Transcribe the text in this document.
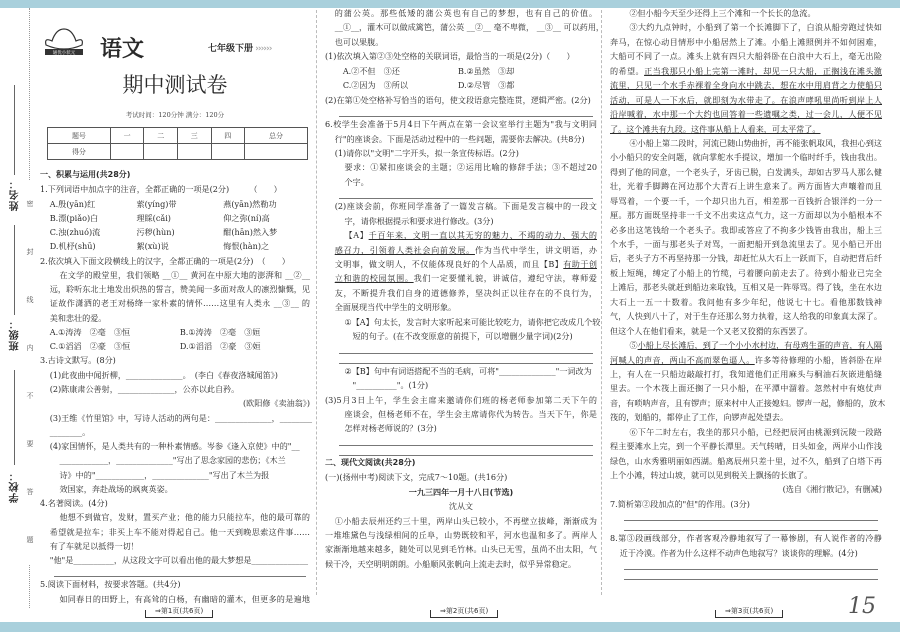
密封线内不要答题
姓名：
班级：
学校：
通优小状元 语文	七年级下册 ››››››
期中测试卷
考试时间：120分钟 满分：120分
题号	一	二	三	四	总分
得分					
一、积累与运用(共28分)
1.下列词语中加点字的注音，全都正确的一项是(2分)　　　（　　）
A.殷(yān)红	萦(yíng)带	燕(yān)然勒功
B.漂(piǎo)白	理睬(cǎi)	仰之弥(ní)高
C.浊(zhuó)流	污秽(hùn)	酣(hān)然入梦
D.机杼(shū)	絮(xù)说	悔恨(hàn)之
2.依次填入下面文段横线上的汉字，全都正确的一项是(2分)　（　　）
在文学的殿堂里，我们领略 __①__ 黄河在中原大地的澎湃和 __②__
远，聆听东北土地发出炽热的誓言，赞美闻一多面对敌人的凛烈慷慨，见
证故作潇洒的老王对杨绛一家朴素的情怀……这里有人类永 __③__ 的
美和悲壮的爱。
A.①涛涛　②毫　③恒	B.①涛涛　②毫　③姮
C.①滔滔　②豪　③恒	D.①滔滔　②豪　③姮
3.古诗文默写。(8分)
(1)此夜曲中闻折柳，______________。　(李白《春夜洛城闻笛》)
(2)陈康肃公善射，______________，公亦以此自矜。
(欧阳修《卖油翁》)
(3)王维《竹里馆》中，写诗人活动的两句是：______________，________
________。
(4)家国情怀，是人类共有的一种朴素情感。岑参《逢入京使》中的"__
____________，______________"写出了思念家园的悲伤；《木兰
诗》中的"____________，______________"写出了木兰为报
效国家，奔赴战场的飒爽英姿。
4.名著阅读。(4分)
他想不到做官，发财，置买产业；他的能力只能拉车，他的最可靠的
希望就是拉车；非买上车不能对得起自己。他一天到晚思索这件事……
有了车就足以抵得一切！
"他"是__________，从这段文字可以看出他的最大梦想是______________
5.阅读下面材料，按要求答题。(共4分)
如同春日的田野上，有高耸的白杨，有幽暗的灌木，但更多的是遍地
的蒲公英。那些低矮的蒲公英也有自己的梦想，也有自己的价值。
__①__，灌木可以做成篱笆，蒲公英 __②__ 毫不卑微， __③__ 可以药用，
也可以果腹。
(1)依次填入第②③处空格的关联词语，最恰当的一项是(2分)（　　）
　A.②不但　③还	B.②虽然　③却
　C.②因为　③所以	D.②尽管　③都
(2)在第①处空格补写恰当的语句，使文段语意完整连贯，逻辑严密。(2分)
6.校学生会准备于5月4日下午两点在第一会议室举行主题为"我与文明同
行"的座谈会。下面是活动过程中的一些问题，需要你去解决。(共8分)
(1)请你以"文明"二字开头，拟一条宣传标语。(2分)
要求：①紧扣座谈会的主题；②运用比喻的修辞手法；③不超过20
个字。
(2)座谈会前，你班同学准备了一篇发言稿。下面是发言稿中的一段文
字，请你根据提示和要求进行修改。(3分)
【A】千百年来，文明一直以其无穷的魅力、不竭的动力、强大的
感召力，引领着人类社会向前发展。作为当代中学生，讲文明语，办
文明事，做文明人，不仅能体现良好的个人品质，而且【B】有助于创
立和谐的校园氛围。我们一定要懂礼貌，讲诚信，遵纪守法，尊师爱
友，不断提升我们自身的道德修养，坚决纠正以往存在的不良行为，
全面展现当代中学生的文明形象。
①【A】句太长，发言时大家听起来可能比较吃力，请你把它改成几个较
　短的句子。(在不改变原意的前提下，可以增删少量字词)(2分)
②【B】句中有词语搭配不当的毛病，可将"______________"一词改为
　"__________"。(1分)
(3)5月3日上午，学生会主席来邀请你们班的杨老师参加第二天下午的
座谈会，但杨老师不在，学生会主席请你代为转告。当天下午，你是
怎样对杨老师说的？(3分)
二、现代文阅读(共28分)
(一)(扬州中考)阅读下文，完成7～10题。(共16分)
一九三四年一月十八日(节选)
沈从文
①小船去辰州还约三十里，两岸山头已较小，不再壁立拔峰，渐渐成为
一堆堆黛色与浅绿相间的丘阜，山势既较和平，河水也温和多了。两岸人
家渐渐地越来越多，随处可以见到毛竹林。山头已无雪，虽尚不出太阳，气
候干冷，天空明明朗朗。小船顺风张帆向上流走去时，似乎异常稳定。
②但小船今天至少还得上三个滩和一个长长的急流。
③大约九点钟时，小船到了第一个长滩脚下了，白浪从船旁跑过快如
奔马，在惊心动目情形中小船居然上了滩。小船上滩照例并不如何困难，
大船可不同了一点。滩头上就有四只大船斜卧在白浪中大石上，毫无出险
的希望。正当我那只小船上完第一滩时，却见一只大船，正搁浅在滩头激
流里，只见一个水手赤裸着全身向水中跳去，想在水中用肩背之力使船只
活动，可是人一下水后，就即刻为水带走了。在浪声哮吼里尚听到岸上人
沿岸喊着，水中那一个大约也回答着一些遗嘱之类，过一会儿，人便不见
了。这个滩共有九段。这件事从船上人看来，可太平常了。
④小船上第二段时，河流已随山势曲折，再不能张帆取风，我担心到这
小小船只的安全问题，就向掌舵水手提议，增加一个临时纤手，钱由我出。
得到了他的同意，一个老头子，牙齿已脱，白发满头，却如古罗马人那么健
壮，光着手脚蹲在河边那个大青石上讲生意来了。两方面皆大声嚷着而且
辱骂着，一个要一千，一个却只出九百，相差那一百钱折合银洋约一分一
厘。那方面既坚持非一千文不出卖这点气力，这一方面却以为小船根本不
必多出这笔钱给一个老头子。我即或答应了不拘多少钱皆由我出，船上三
个水手，一面与那老头子对骂，一面把船开到急流里去了。见小船已开出
后，老头子方不再坚持那一分钱，却赶忙从大石上一跃而下，自动把背后纤
板上短绳，缚定了小船上的竹缆，弓着腰向前走去了。待到小船业已完全
上滩后，那老头就赶到船边来取钱，互相又是一阵辱骂。得了钱，坐在水边
大石上一五一十数着。我问他有多少年纪，他说七十七。看他那数钱神
气，人快到八十了，对于生存还那么努力执着，这人给我的印象真太深了。
但这个人在他们看来，就是一个又老又狡猾的东西罢了。
⑤小船上尽长滩后，到了一个小小水村边，有母鸡生蛋的声音，有人隔
河喊人的声音，两山不高而翠色逼人。许多等待修理的小船，皆斜卧在岸
上，有人在一只船边敲敲打打，我知道他们正用麻头与桐油石灰嵌进船缝
里去。一个木筏上面还搁了一只小船，在平潭中溜着。忽然村中有炮仗声
音，有唢呐声音，且有锣声；原来村中人正接媳妇。锣声一起，修船的，放木
筏的，划船的，都停止了工作，向锣声起处望去。
⑥下午二时左右，我坐的那只小船，已经把辰河由桃源到沅陵一段路
程主要滩水上完，到一个平静长潭里。天气转晴，日头如金，两岸小山作浅
绿色，山水秀雅明丽如西湖。船离辰州只差十里，过不久，船到了白塔下再
上个小滩，转过山坡，就可以见到税关上飘扬的长旗了。
(选自《湘行散记》，有删减)
7.简析第②段加点的"但"的作用。(3分)
8.第③段画线部分，作者客观冷静地叙写了一幕惨剧，有人说作者的冷静
近于冷漠。作者为什么这样不动声色地叙写？谈谈你的理解。(4分)
⇒第1页(共6页)	⇒第2页(共6页)	⇒第3页(共6页)	15
